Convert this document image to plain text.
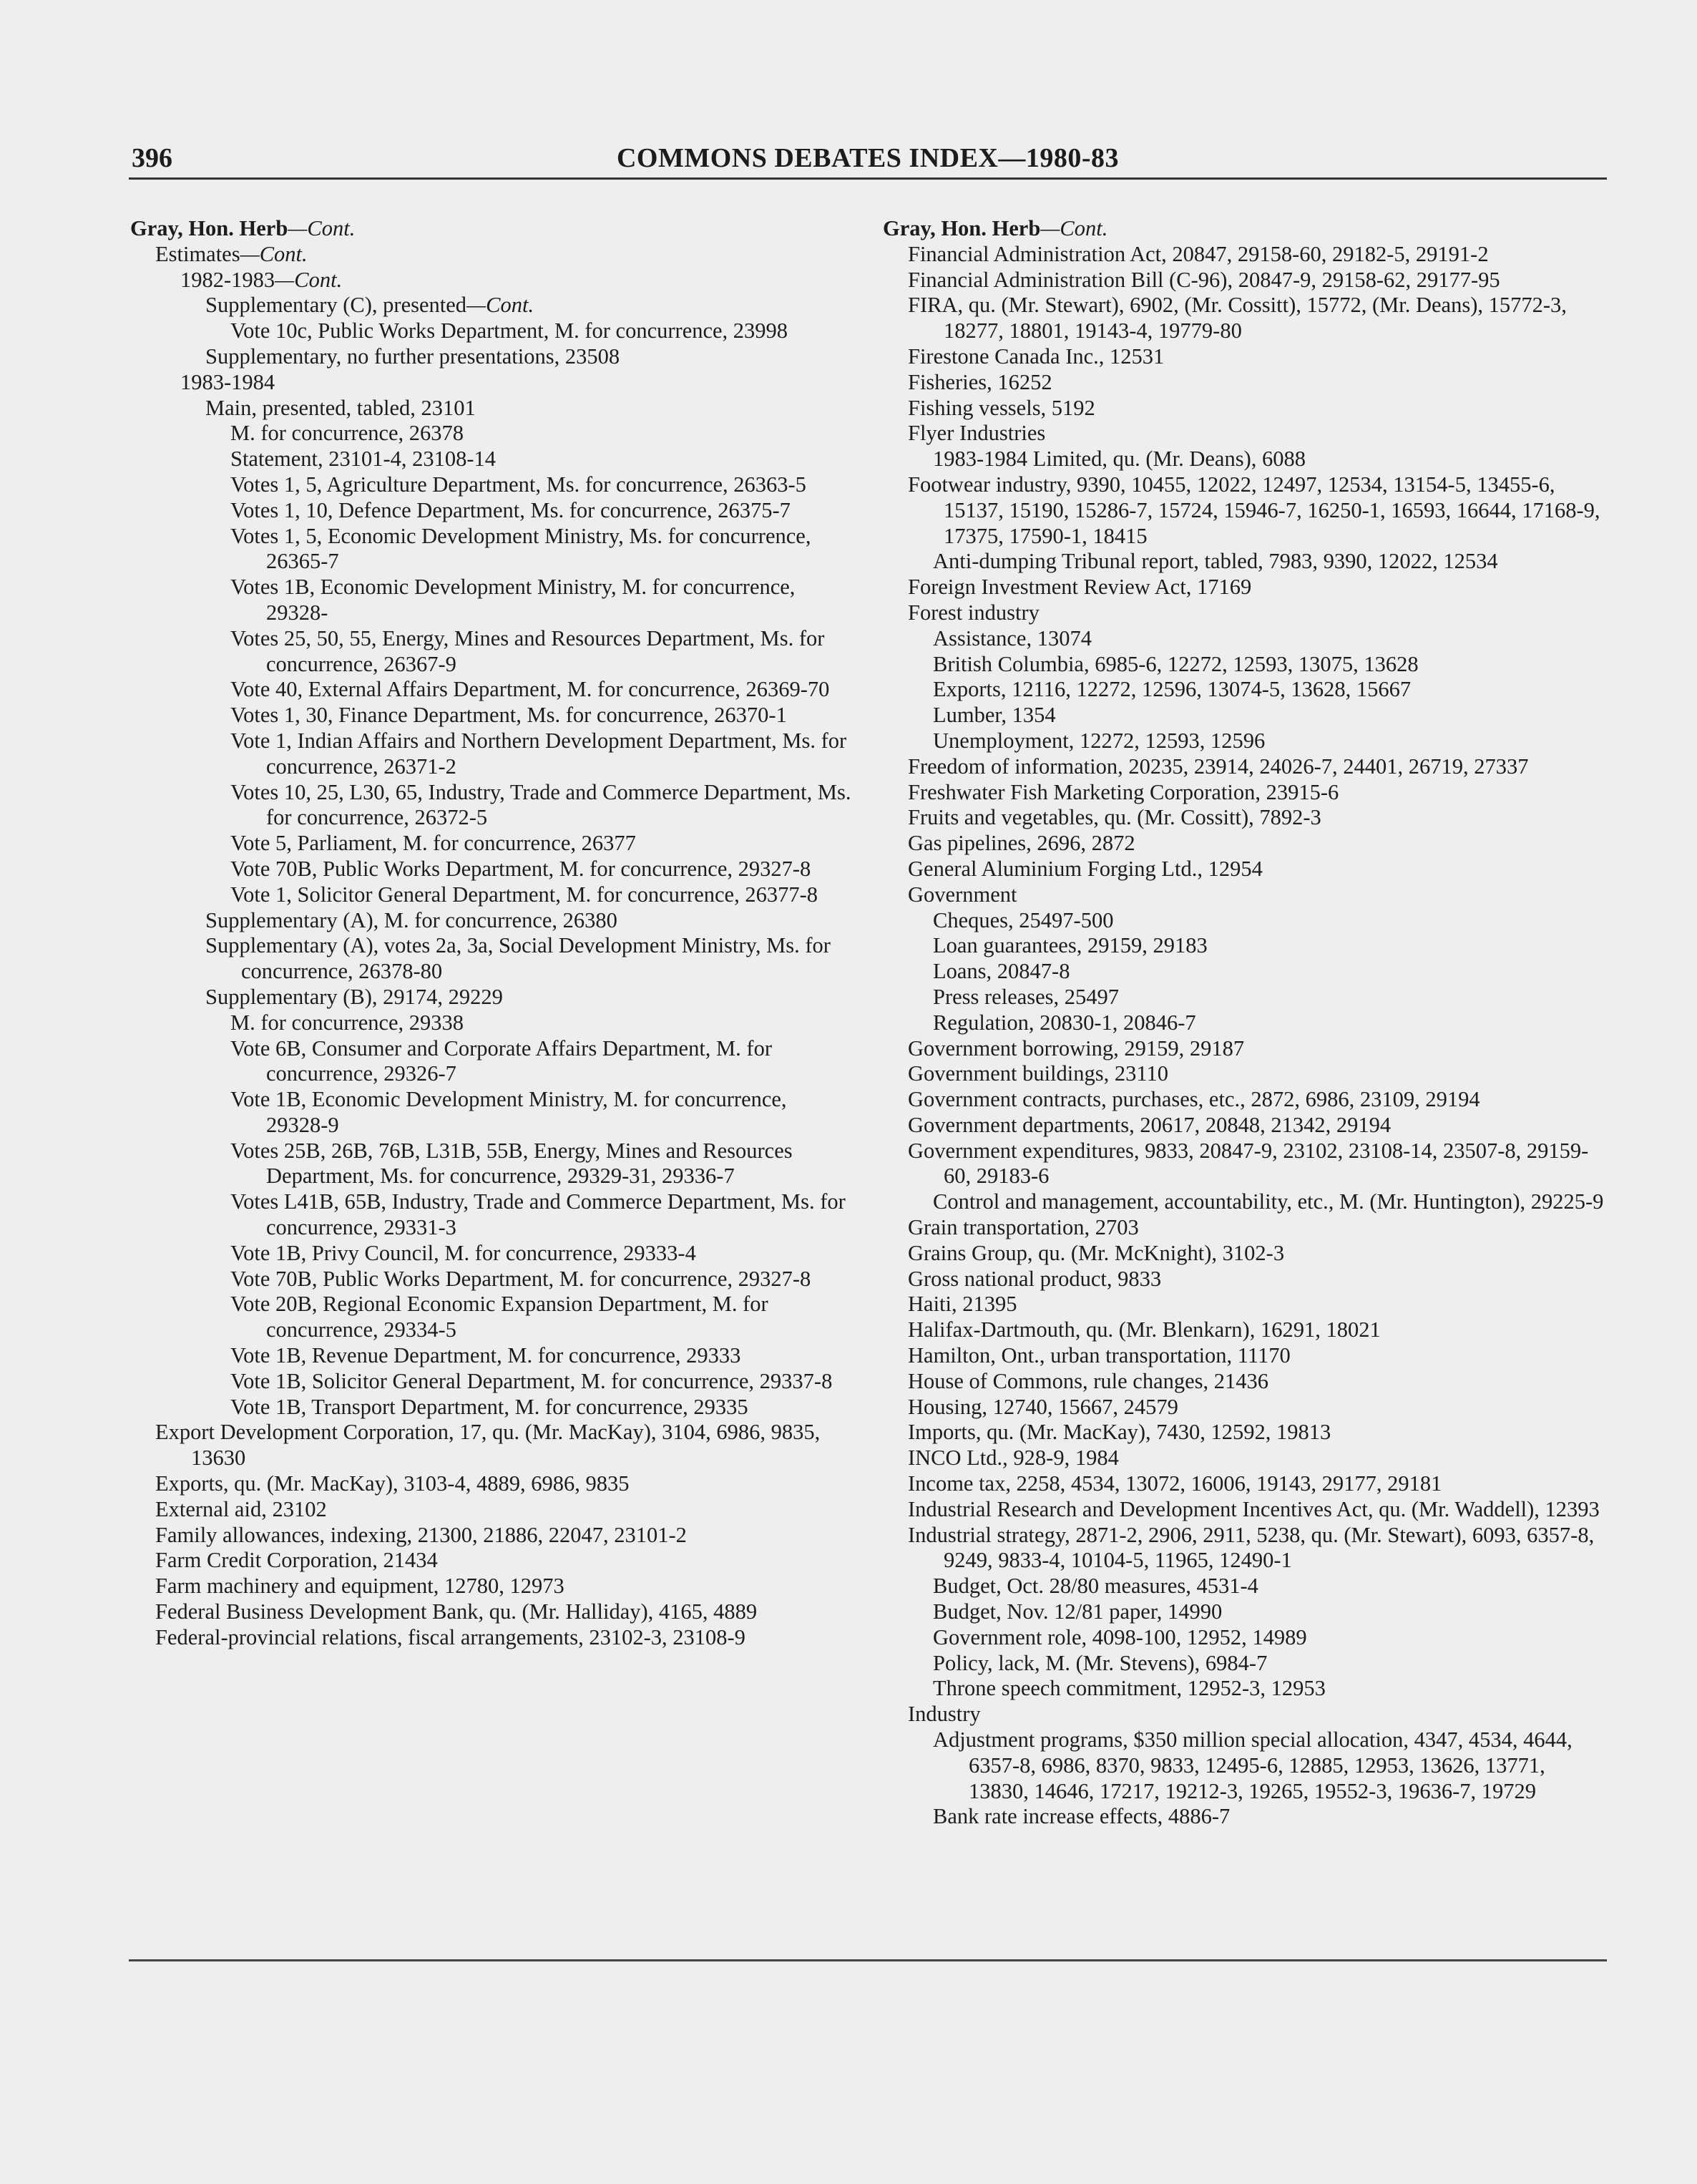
396	COMMONS DEBATES INDEX—1980-83
Gray, Hon. Herb—Cont.
Estimates—Cont.
1982-1983—Cont.
Supplementary (C), presented—Cont.
Vote 10c, Public Works Department, M. for concurrence, 23998
Supplementary, no further presentations, 23508
1983-1984
Main, presented, tabled, 23101
M. for concurrence, 26378
Statement, 23101-4, 23108-14
Votes 1, 5, Agriculture Department, Ms. for concurrence, 26363-5
Votes 1, 10, Defence Department, Ms. for concurrence, 26375-7
Votes 1, 5, Economic Development Ministry, Ms. for concurrence, 26365-7
Votes 1B, Economic Development Ministry, M. for concurrence, 29328-
Votes 25, 50, 55, Energy, Mines and Resources Department, Ms. for concurrence, 26367-9
Vote 40, External Affairs Department, M. for concurrence, 26369-70
Votes 1, 30, Finance Department, Ms. for concurrence, 26370-1
Vote 1, Indian Affairs and Northern Development Department, Ms. for concurrence, 26371-2
Votes 10, 25, L30, 65, Industry, Trade and Commerce Department, Ms. for concurrence, 26372-5
Vote 5, Parliament, M. for concurrence, 26377
Vote 70B, Public Works Department, M. for concurrence, 29327-8
Vote 1, Solicitor General Department, M. for concurrence, 26377-8
Supplementary (A), M. for concurrence, 26380
Supplementary (A), votes 2a, 3a, Social Development Ministry, Ms. for concurrence, 26378-80
Supplementary (B), 29174, 29229
M. for concurrence, 29338
Vote 6B, Consumer and Corporate Affairs Department, M. for concurrence, 29326-7
Vote 1B, Economic Development Ministry, M. for concurrence, 29328-9
Votes 25B, 26B, 76B, L31B, 55B, Energy, Mines and Resources Department, Ms. for concurrence, 29329-31, 29336-7
Votes L41B, 65B, Industry, Trade and Commerce Department, Ms. for concurrence, 29331-3
Vote 1B, Privy Council, M. for concurrence, 29333-4
Vote 70B, Public Works Department, M. for concurrence, 29327-8
Vote 20B, Regional Economic Expansion Department, M. for concurrence, 29334-5
Vote 1B, Revenue Department, M. for concurrence, 29333
Vote 1B, Solicitor General Department, M. for concurrence, 29337-8
Vote 1B, Transport Department, M. for concurrence, 29335
Export Development Corporation, 17, qu. (Mr. MacKay), 3104, 6986, 9835, 13630
Exports, qu. (Mr. MacKay), 3103-4, 4889, 6986, 9835
External aid, 23102
Family allowances, indexing, 21300, 21886, 22047, 23101-2
Farm Credit Corporation, 21434
Farm machinery and equipment, 12780, 12973
Federal Business Development Bank, qu. (Mr. Halliday), 4165, 4889
Federal-provincial relations, fiscal arrangements, 23102-3, 23108-9
Gray, Hon. Herb—Cont.
Financial Administration Act, 20847, 29158-60, 29182-5, 29191-2
Financial Administration Bill (C-96), 20847-9, 29158-62, 29177-95
FIRA, qu. (Mr. Stewart), 6902, (Mr. Cossitt), 15772, (Mr. Deans), 15772-3, 18277, 18801, 19143-4, 19779-80
Firestone Canada Inc., 12531
Fisheries, 16252
Fishing vessels, 5192
Flyer Industries
1983-1984 Limited, qu. (Mr. Deans), 6088
Footwear industry, 9390, 10455, 12022, 12497, 12534, 13154-5, 13455-6, 15137, 15190, 15286-7, 15724, 15946-7, 16250-1, 16593, 16644, 17168-9, 17375, 17590-1, 18415
Anti-dumping Tribunal report, tabled, 7983, 9390, 12022, 12534
Foreign Investment Review Act, 17169
Forest industry
Assistance, 13074
British Columbia, 6985-6, 12272, 12593, 13075, 13628
Exports, 12116, 12272, 12596, 13074-5, 13628, 15667
Lumber, 1354
Unemployment, 12272, 12593, 12596
Freedom of information, 20235, 23914, 24026-7, 24401, 26719, 27337
Freshwater Fish Marketing Corporation, 23915-6
Fruits and vegetables, qu. (Mr. Cossitt), 7892-3
Gas pipelines, 2696, 2872
General Aluminium Forging Ltd., 12954
Government
Cheques, 25497-500
Loan guarantees, 29159, 29183
Loans, 20847-8
Press releases, 25497
Regulation, 20830-1, 20846-7
Government borrowing, 29159, 29187
Government buildings, 23110
Government contracts, purchases, etc., 2872, 6986, 23109, 29194
Government departments, 20617, 20848, 21342, 29194
Government expenditures, 9833, 20847-9, 23102, 23108-14, 23507-8, 29159-60, 29183-6
Control and management, accountability, etc., M. (Mr. Huntington), 29225-9
Grain transportation, 2703
Grains Group, qu. (Mr. McKnight), 3102-3
Gross national product, 9833
Haiti, 21395
Halifax-Dartmouth, qu. (Mr. Blenkarn), 16291, 18021
Hamilton, Ont., urban transportation, 11170
House of Commons, rule changes, 21436
Housing, 12740, 15667, 24579
Imports, qu. (Mr. MacKay), 7430, 12592, 19813
INCO Ltd., 928-9, 1984
Income tax, 2258, 4534, 13072, 16006, 19143, 29177, 29181
Industrial Research and Development Incentives Act, qu. (Mr. Waddell), 12393
Industrial strategy, 2871-2, 2906, 2911, 5238, qu. (Mr. Stewart), 6093, 6357-8, 9249, 9833-4, 10104-5, 11965, 12490-1
Budget, Oct. 28/80 measures, 4531-4
Budget, Nov. 12/81 paper, 14990
Government role, 4098-100, 12952, 14989
Policy, lack, M. (Mr. Stevens), 6984-7
Throne speech commitment, 12952-3, 12953
Industry
Adjustment programs, $350 million special allocation, 4347, 4534, 4644, 6357-8, 6986, 8370, 9833, 12495-6, 12885, 12953, 13626, 13771, 13830, 14646, 17217, 19212-3, 19265, 19552-3, 19636-7, 19729
Bank rate increase effects, 4886-7
